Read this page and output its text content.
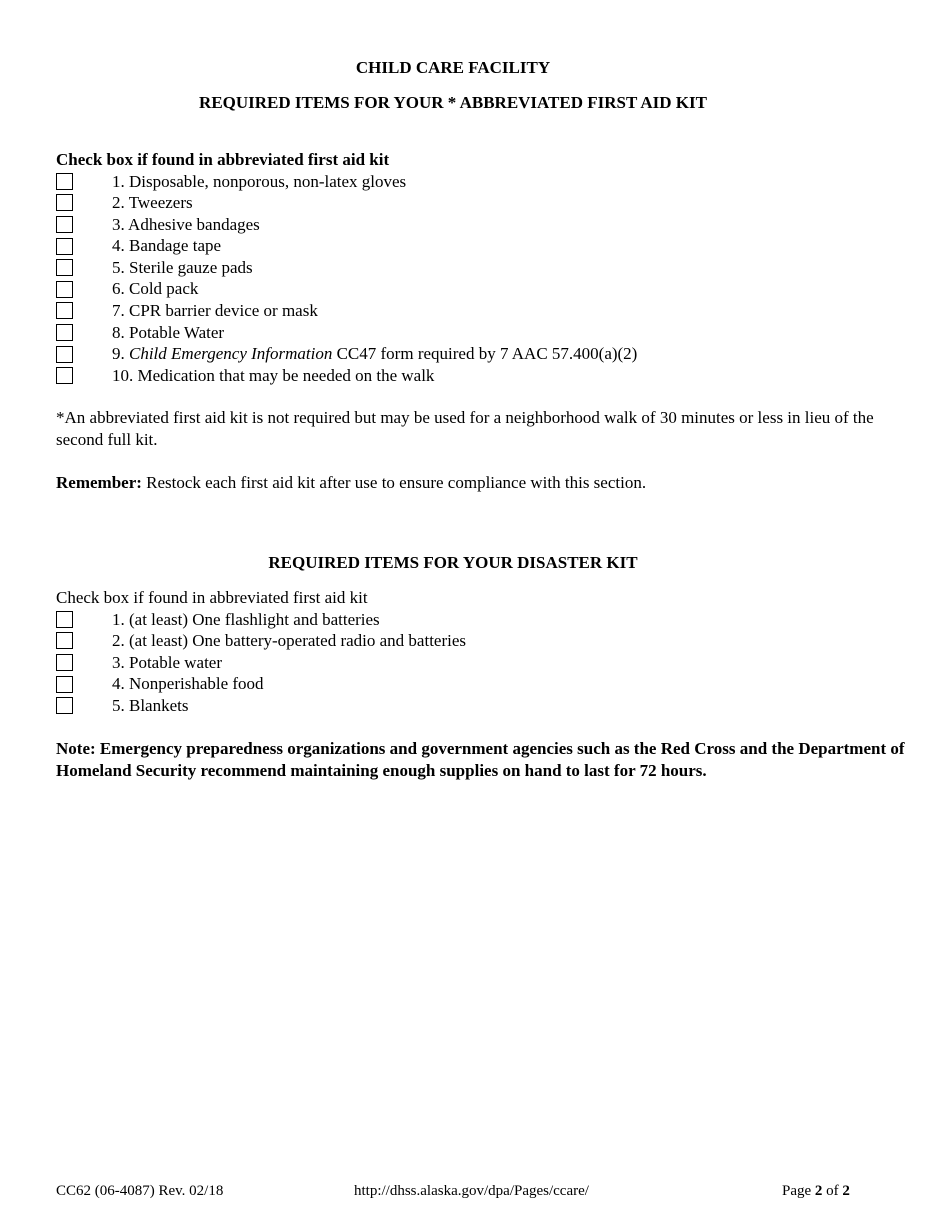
CHILD CARE FACILITY
REQUIRED ITEMS FOR YOUR * ABBREVIATED FIRST AID KIT
Check box if found in abbreviated first aid kit
1. Disposable, nonporous, non-latex gloves
2. Tweezers
3. Adhesive bandages
4. Bandage tape
5. Sterile gauze pads
6. Cold pack
7. CPR barrier device or mask
8. Potable Water
9. Child Emergency Information CC47 form required by 7 AAC 57.400(a)(2)
10. Medication that may be needed on the walk

*An abbreviated first aid kit is not required but may be used for a neighborhood walk of 30 minutes or less in lieu of the second full kit.

Remember: Restock each first aid kit after use to ensure compliance with this section.

REQUIRED ITEMS FOR YOUR DISASTER KIT
Check box if found in abbreviated first aid kit
1. (at least) One flashlight and batteries
2. (at least) One battery-operated radio and batteries
3. Potable water
4. Nonperishable food
5. Blankets

Note: Emergency preparedness organizations and government agencies such as the Red Cross and the Department of Homeland Security recommend maintaining enough supplies on hand to last for 72 hours.

CC62 (06-4087) Rev. 02/18	http://dhss.alaska.gov/dpa/Pages/ccare/	Page 2 of 2
